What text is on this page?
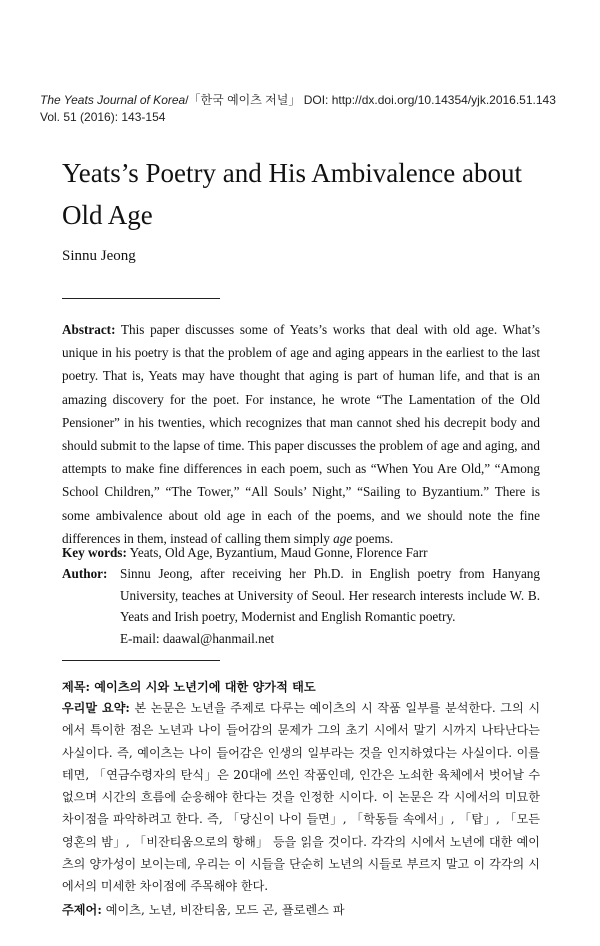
The Yeats Journal of Korea/「한국 예이츠 저널」 DOI: http://dx.doi.org/10.14354/yjk.2016.51.143
Vol. 51 (2016): 143-154
Yeats’s Poetry and His Ambivalence about Old Age
Sinnu Jeong
Abstract: This paper discusses some of Yeats’s works that deal with old age. What’s unique in his poetry is that the problem of age and aging appears in the earliest to the last poetry. That is, Yeats may have thought that aging is part of human life, and that is an amazing discovery for the poet. For instance, he wrote “The Lamentation of the Old Pensioner” in his twenties, which recognizes that man cannot shed his decrepit body and should submit to the lapse of time. This paper discusses the problem of age and aging, and attempts to make fine differences in each poem, such as “When You Are Old,” “Among School Children,” “The Tower,” “All Souls’ Night,” “Sailing to Byzantium.” There is some ambivalence about old age in each of the poems, and we should note the fine differences in them, instead of calling them simply age poems.
Key words: Yeats, Old Age, Byzantium, Maud Gonne, Florence Farr
Author: Sinnu Jeong, after receiving her Ph.D. in English poetry from Hanyang University, teaches at University of Seoul. Her research interests include W. B. Yeats and Irish poetry, Modernist and English Romantic poetry.
E-mail: daawal@hanmail.net
제목: 예이츠의 시와 노년기에 대한 양가적 태도
우리말 요약: 본 논문은 노년을 주제로 다루는 예이츠의 시 작품 일부를 분석한다. 그의 시에서 특이한 점은 노년과 나이 들어감의 문제가 그의 초기 시에서 말기 시까지 나타난다는 사실이다. 즉, 예이츠는 나이 들어감은 인생의 일부라는 것을 인지하였다는 사실이다. 이를테면, 「연금수령자의 탄식」은 20대에 쓰인 작품인데, 인간은 노쇠한 육체에서 벗어날 수 없으며 시간의 흐름에 순응해야 한다는 것을 인정한 시이다. 이 논문은 각 시에서의 미묘한 차이점을 파악하려고 한다. 즉, 「당신이 나이 들면」, 「학동들 속에서」, 「탑」, 「모든 영혼의 밤」, 「비잔티움으로의 항해」 등을 읽을 것이다. 각각의 시에서 노년에 대한 예이츠의 양가성이 보이는데, 우리는 이 시들을 단순히 노년의 시들로 부르지 말고 이 각각의 시에서의 미세한 차이점에 주목해야 한다.
주제어: 예이츠, 노년, 비잔티움, 모드 곤, 플로렌스 파
